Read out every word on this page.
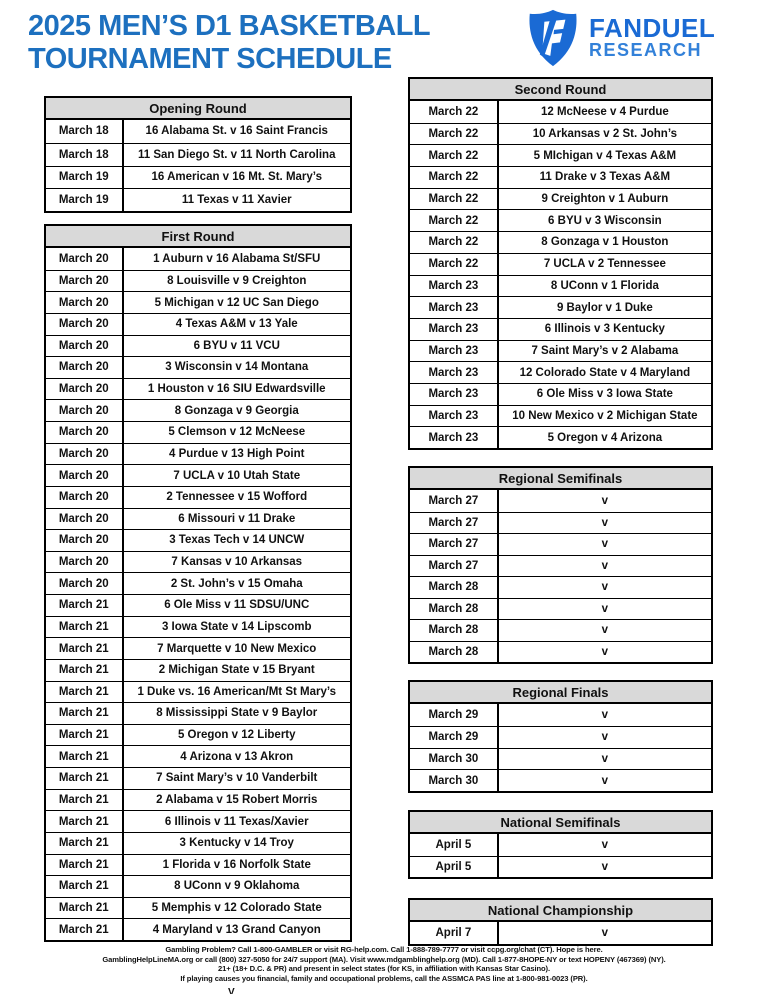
2025 MEN’S D1 BASKETBALL
TOURNAMENT SCHEDULE
FANDUEL
RESEARCH
Opening Round
March 18	16 Alabama St. v 16 Saint Francis
March 18	11 San Diego St. v 11 North Carolina
March 19	16 American v 16 Mt. St. Mary’s
March 19	11 Texas v 11 Xavier
First Round
March 20	1 Auburn v 16 Alabama St/SFU
March 20	8 Louisville v 9 Creighton
March 20	5 Michigan v 12 UC San Diego
March 20	4 Texas A&M v 13 Yale
March 20	6 BYU v 11 VCU
March 20	3 Wisconsin v 14 Montana
March 20	1 Houston v 16 SIU Edwardsville
March 20	8 Gonzaga v 9 Georgia
March 20	5 Clemson v 12 McNeese
March 20	4 Purdue v 13 High Point
March 20	7 UCLA v 10 Utah State
March 20	2 Tennessee v 15 Wofford
March 20	6 Missouri v 11 Drake
March 20	3 Texas Tech v 14 UNCW
March 20	7 Kansas v 10 Arkansas
March 20	2 St. John’s v 15 Omaha
March 21	6 Ole Miss v 11 SDSU/UNC
March 21	3 Iowa State v 14 Lipscomb
March 21	7 Marquette v 10 New Mexico
March 21	2 Michigan State v 15 Bryant
March 21	1 Duke vs. 16 American/Mt St Mary’s
March 21	8 Mississippi State v 9 Baylor
March 21	5 Oregon v 12 Liberty
March 21	4 Arizona v 13 Akron
March 21	7 Saint Mary’s v 10 Vanderbilt
March 21	2 Alabama v 15 Robert Morris
March 21	6 Illinois v 11 Texas/Xavier
March 21	3 Kentucky v 14 Troy
March 21	1 Florida v 16 Norfolk State
March 21	8 UConn v 9 Oklahoma
March 21	5 Memphis v 12 Colorado State
March 21	4 Maryland v 13 Grand Canyon
Second Round
March 22	12 McNeese v 4 Purdue
March 22	10 Arkansas v 2 St. John’s
March 22	5 MIchigan v 4 Texas A&M
March 22	11 Drake v 3 Texas A&M
March 22	9 Creighton v 1 Auburn
March 22	6 BYU v 3 Wisconsin
March 22	8 Gonzaga v 1 Houston
March 22	7 UCLA v 2 Tennessee
March 23	8 UConn v 1 Florida
March 23	9 Baylor v 1 Duke
March 23	6 Illinois v 3 Kentucky
March 23	7 Saint Mary’s v 2 Alabama
March 23	12 Colorado State v 4 Maryland
March 23	6 Ole Miss v 3 Iowa State
March 23	10 New Mexico v 2 Michigan State
March 23	5 Oregon v 4 Arizona
Regional Semifinals
March 27	v
March 27	v
March 27	v
March 27	v
March 28	v
March 28	v
March 28	v
March 28	v
Regional Finals
March 29	v
March 29	v
March 30	v
March 30	v
National Semifinals
April 5	v
April 5	v
National Championship
April 7	v
Gambling Problem? Call 1-800-GAMBLER or visit RG-help.com. Call 1-888-789-7777 or visit ccpg.org/chat (CT). Hope is here.
GamblingHelpLineMA.org or call (800) 327-5050 for 24/7 support (MA). Visit www.mdgamblinghelp.org (MD). Call 1-877-8HOPE-NY or text HOPENY (467369) (NY).
21+ (18+ D.C. & PR) and present in select states (for KS, in affiliation with Kansas Star Casino).
If playing causes you financial, family and occupational problems, call the ASSMCA PAS line at 1-800-981-0023 (PR).
V
